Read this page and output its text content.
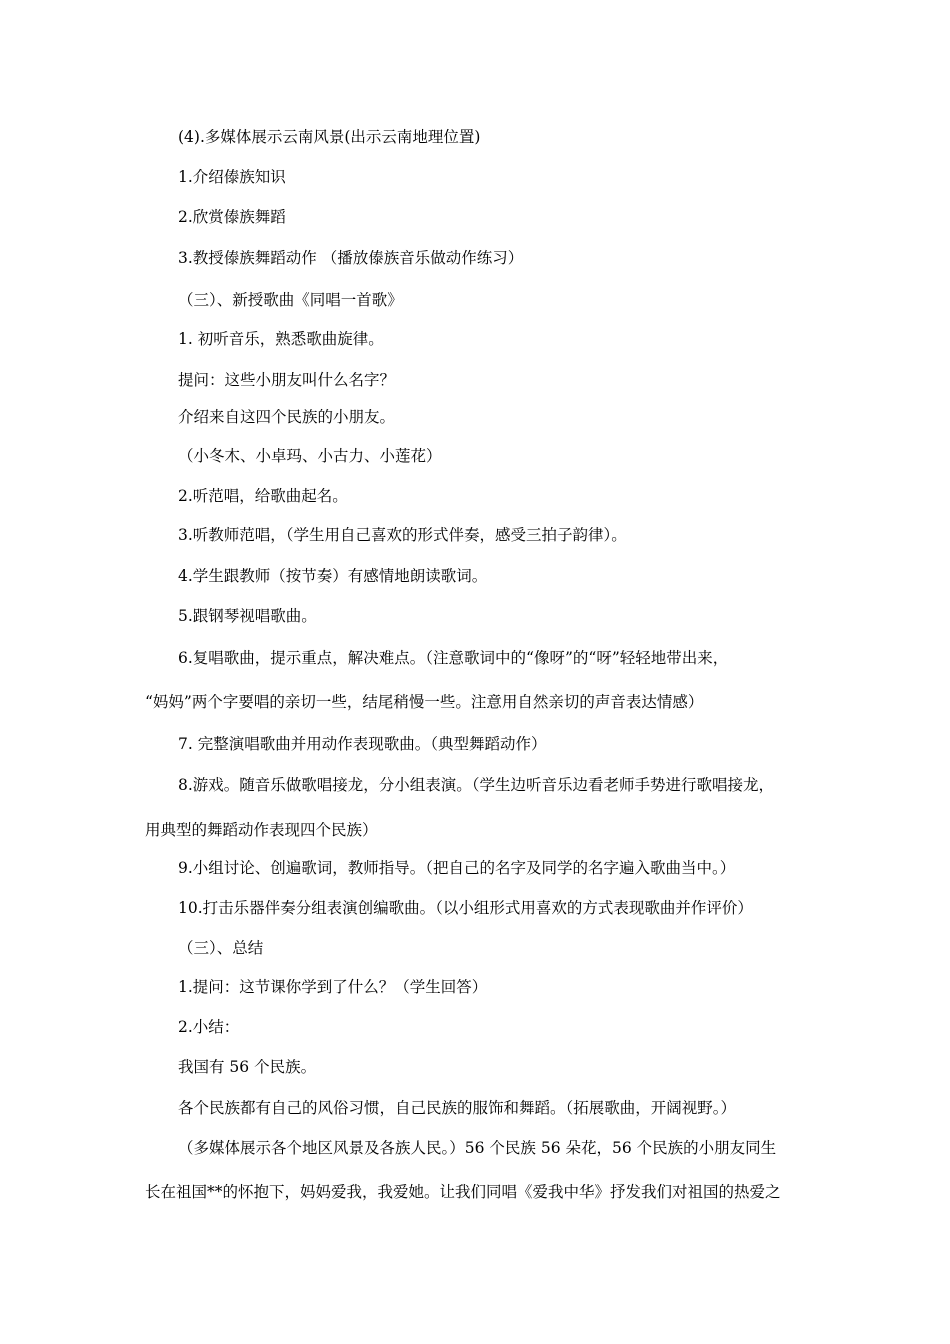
(4).多媒体展示云南风景(出示云南地理位置)
1.介绍傣族知识
2.欣赏傣族舞蹈
3.教授傣族舞蹈动作 （播放傣族音乐做动作练习）
（三）、新授歌曲《同唱一首歌》
1. 初听音乐，熟悉歌曲旋律。
提问：这些小朋友叫什么名字？
介绍来自这四个民族的小朋友。
（小冬木、小卓玛、小古力、小莲花）
2.听范唱，给歌曲起名。
3.听教师范唱，（学生用自己喜欢的形式伴奏，感受三拍子韵律）。
4.学生跟教师（按节奏）有感情地朗读歌词。
5.跟钢琴视唱歌曲。
6.复唱歌曲，提示重点，解决难点。（注意歌词中的“像呀”的“呀”轻轻地带出来，
“妈妈”两个字要唱的亲切一些，结尾稍慢一些。注意用自然亲切的声音表达情感）
7. 完整演唱歌曲并用动作表现歌曲。（典型舞蹈动作）
8.游戏。随音乐做歌唱接龙，分小组表演。（学生边听音乐边看老师手势进行歌唱接龙，
用典型的舞蹈动作表现四个民族）
9.小组讨论、创遍歌词，教师指导。（把自己的名字及同学的名字遍入歌曲当中。）
10.打击乐器伴奏分组表演创编歌曲。（以小组形式用喜欢的方式表现歌曲并作评价）
（三）、总结
1.提问：这节课你学到了什么？（学生回答）
2.小结：
我国有 56 个民族。
各个民族都有自己的风俗习惯，自己民族的服饰和舞蹈。（拓展歌曲，开阔视野。）
（多媒体展示各个地区风景及各族人民。）56 个民族 56 朵花，56 个民族的小朋友同生
长在祖国**的怀抱下，妈妈爱我，我爱她。让我们同唱《爱我中华》抒发我们对祖国的热爱之
